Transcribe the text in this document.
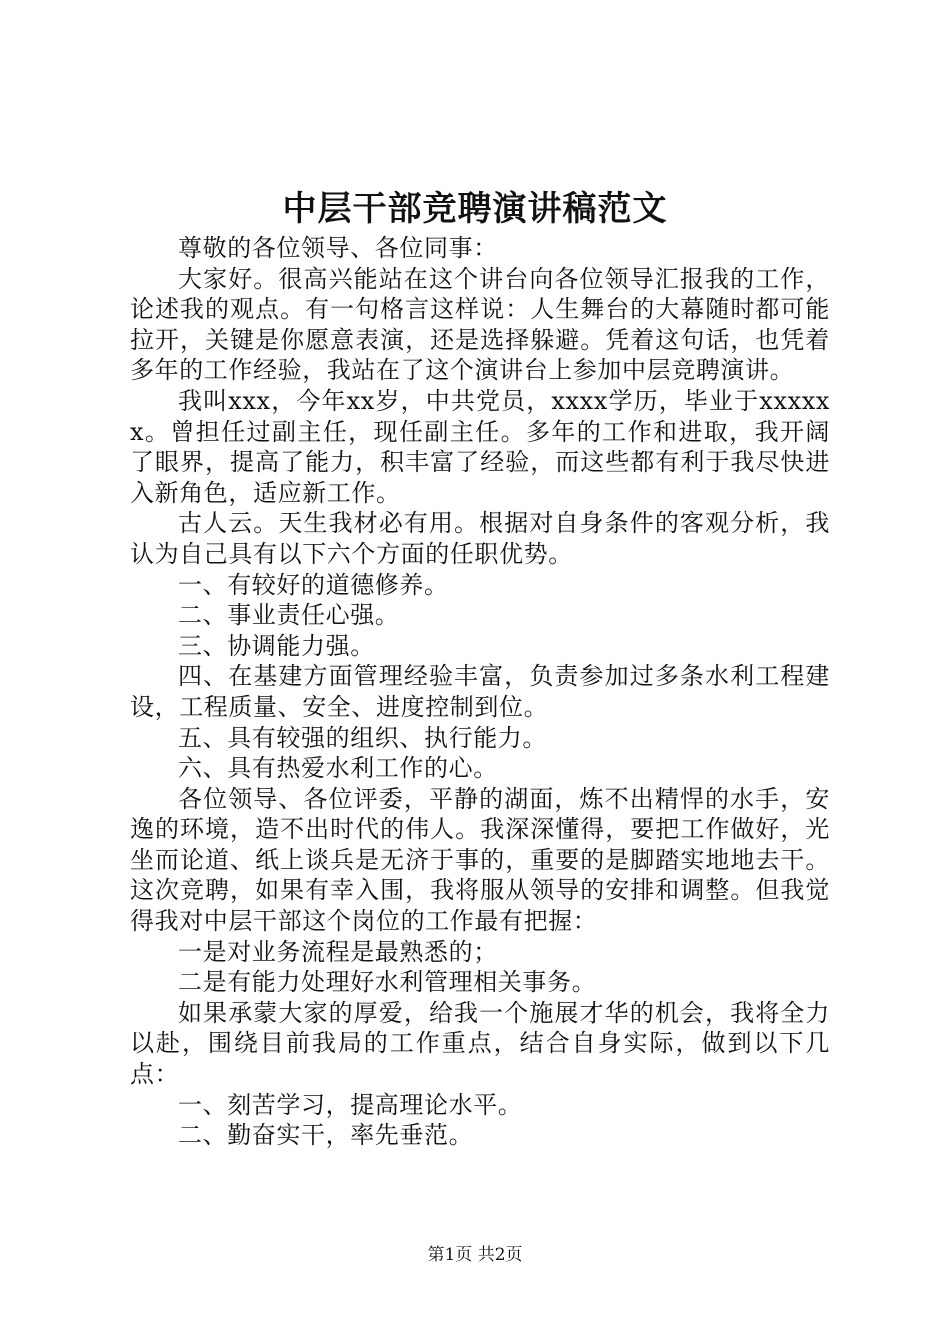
中层干部竞聘演讲稿范文

尊敬的各位领导、各位同事：

大家好。很高兴能站在这个讲台向各位领导汇报我的工作，论述我的观点。有一句格言这样说：人生舞台的大幕随时都可能拉开，关键是你愿意表演，还是选择躲避。凭着这句话，也凭着多年的工作经验，我站在了这个演讲台上参加中层竞聘演讲。

我叫xxx，今年xx岁，中共党员，xxxx学历，毕业于xxxxxx。曾担任过副主任，现任副主任。多年的工作和进取，我开阔了眼界，提高了能力，积丰富了经验，而这些都有利于我尽快进入新角色，适应新工作。

古人云。天生我材必有用。根据对自身条件的客观分析，我认为自己具有以下六个方面的任职优势。

一、有较好的道德修养。

二、事业责任心强。

三、协调能力强。

四、在基建方面管理经验丰富，负责参加过多条水利工程建设，工程质量、安全、进度控制到位。

五、具有较强的组织、执行能力。

六、具有热爱水利工作的心。

各位领导、各位评委，平静的湖面，炼不出精悍的水手，安逸的环境，造不出时代的伟人。我深深懂得，要把工作做好，光坐而论道、纸上谈兵是无济于事的，重要的是脚踏实地地去干。这次竞聘，如果有幸入围，我将服从领导的安排和调整。但我觉得我对中层干部这个岗位的工作最有把握：

一是对业务流程是最熟悉的；

二是有能力处理好水利管理相关事务。

如果承蒙大家的厚爱，给我一个施展才华的机会，我将全力以赴，围绕目前我局的工作重点，结合自身实际，做到以下几点：

一、刻苦学习，提高理论水平。

二、勤奋实干，率先垂范。

第1页 共2页
